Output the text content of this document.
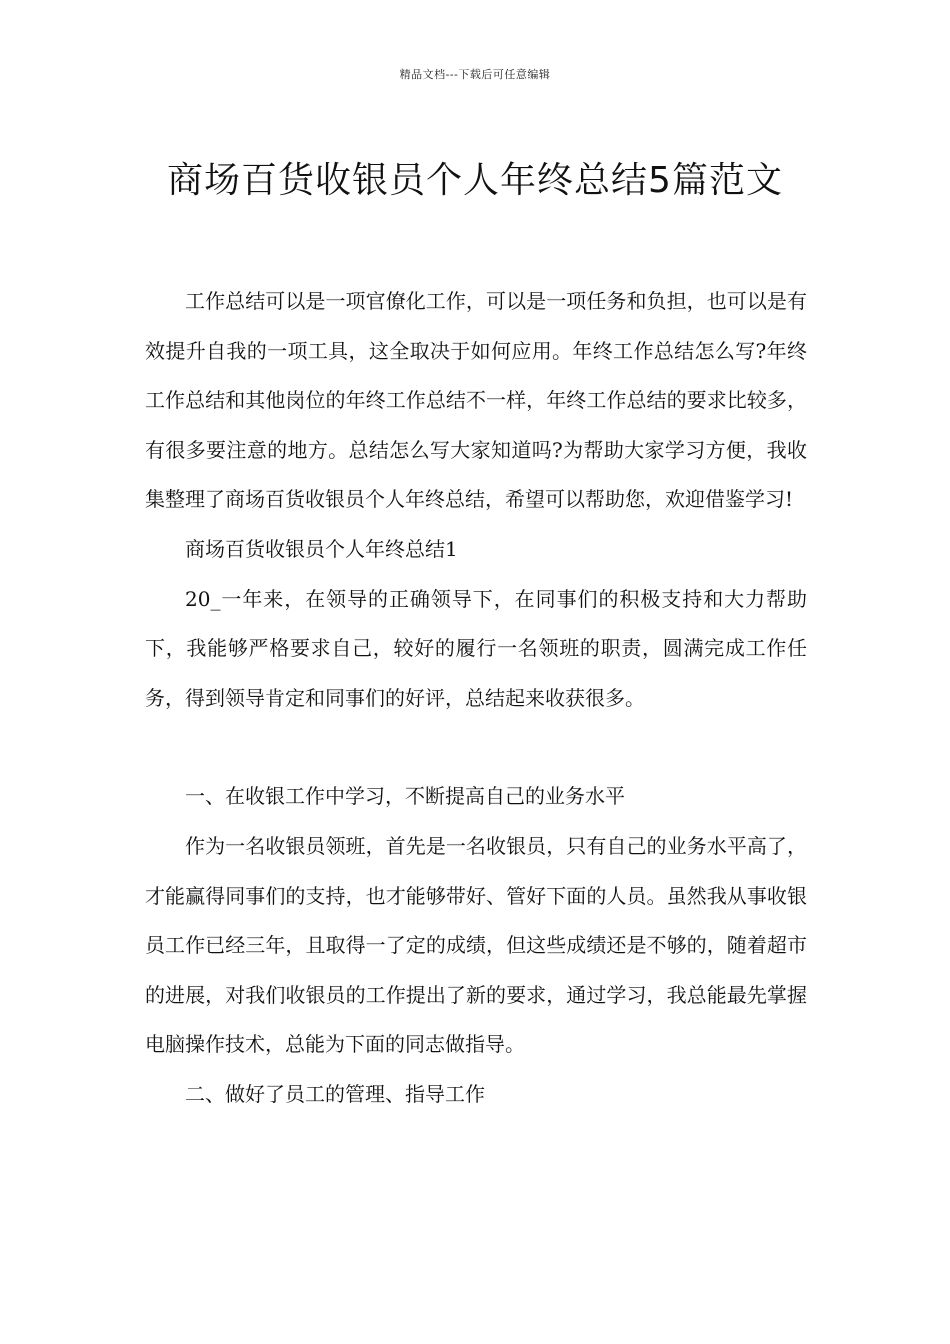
精品文档---下载后可任意编辑
商场百货收银员个人年终总结5篇范文

工作总结可以是一项官僚化工作，可以是一项任务和负担，也可以是有效提升自我的一项工具，这全取决于如何应用。年终工作总结怎么写?年终工作总结和其他岗位的年终工作总结不一样，年终工作总结的要求比较多，有很多要注意的地方。总结怎么写大家知道吗?为帮助大家学习方便，我收集整理了商场百货收银员个人年终总结，希望可以帮助您，欢迎借鉴学习!

商场百货收银员个人年终总结1

20_一年来，在领导的正确领导下，在同事们的积极支持和大力帮助下，我能够严格要求自己，较好的履行一名领班的职责，圆满完成工作任务，得到领导肯定和同事们的好评，总结起来收获很多。

一、在收银工作中学习，不断提高自己的业务水平

作为一名收银员领班，首先是一名收银员，只有自己的业务水平高了，才能赢得同事们的支持，也才能够带好、管好下面的人员。虽然我从事收银员工作已经三年，且取得一了定的成绩，但这些成绩还是不够的，随着超市的进展，对我们收银员的工作提出了新的要求，通过学习，我总能最先掌握电脑操作技术，总能为下面的同志做指导。

二、做好了员工的管理、指导工作
